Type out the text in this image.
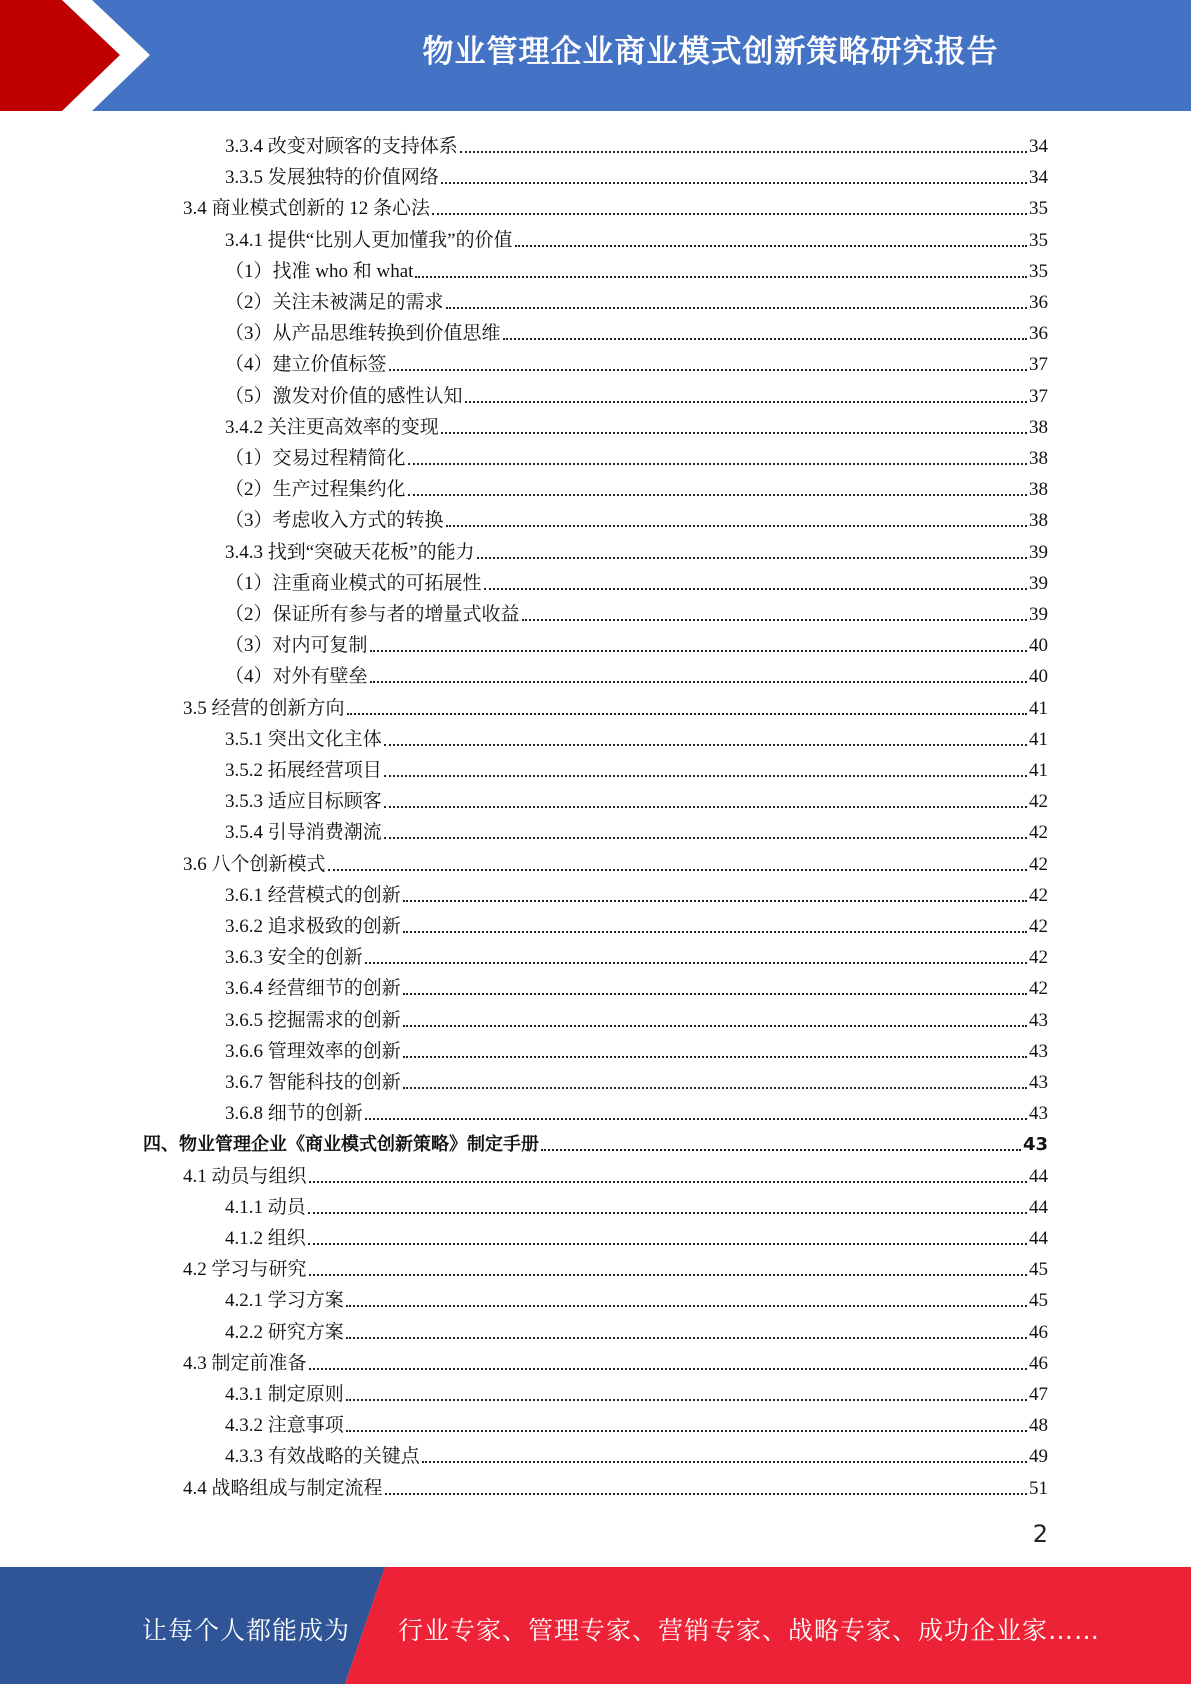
物业管理企业商业模式创新策略研究报告
3.3.4 改变对顾客的支持体系	34
3.3.5 发展独特的价值网络	34
3.4 商业模式创新的 12 条心法	35
3.4.1 提供“比别人更加懂我”的价值	35
（1）找准 who 和 what	35
（2）关注未被满足的需求	36
（3）从产品思维转换到价值思维	36
（4）建立价值标签	37
（5）激发对价值的感性认知	37
3.4.2 关注更高效率的变现	38
（1）交易过程精简化	38
（2）生产过程集约化	38
（3）考虑收入方式的转换	38
3.4.3 找到“突破天花板”的能力	39
（1）注重商业模式的可拓展性	39
（2）保证所有参与者的增量式收益	39
（3）对内可复制	40
（4）对外有壁垒	40
3.5 经营的创新方向	41
3.5.1 突出文化主体	41
3.5.2 拓展经营项目	41
3.5.3 适应目标顾客	42
3.5.4 引导消费潮流	42
3.6 八个创新模式	42
3.6.1 经营模式的创新	42
3.6.2 追求极致的创新	42
3.6.3 安全的创新	42
3.6.4 经营细节的创新	42
3.6.5 挖掘需求的创新	43
3.6.6 管理效率的创新	43
3.6.7 智能科技的创新	43
3.6.8 细节的创新	43
四、物业管理企业《商业模式创新策略》制定手册	43
4.1 动员与组织	44
4.1.1 动员	44
4.1.2 组织	44
4.2 学习与研究	45
4.2.1 学习方案	45
4.2.2 研究方案	46
4.3 制定前准备	46
4.3.1 制定原则	47
4.3.2 注意事项	48
4.3.3 有效战略的关键点	49
4.4 战略组成与制定流程	51
2
让每个人都能成为 行业专家、管理专家、营销专家、战略专家、成功企业家……
